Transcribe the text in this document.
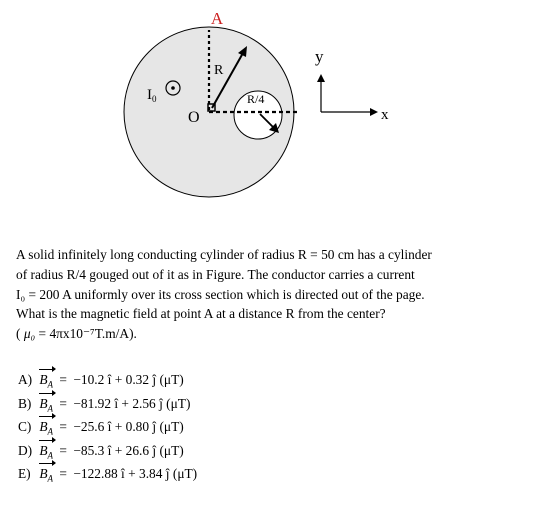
A
R
R/4
$I_0$
O
y
x

A solid infinitely long conducting cylinder of radius R = 50 cm has a cylinder

of radius R/4 gouged out of it as in Figure. The conductor carries a current

I₀ = 200 A uniformly over its cross section which is directed out of the page.

What is the magnetic field at point A at a distance R from the center?

( μ₀ = 4πx10⁻⁷T.m/A).

A) $B_A = -10.2$ î + 0.32 ĵ (μT)
B) $B_A = -81.92$ î + 2.56 ĵ (μT)
C) $B_A = -25.6$ î + 0.80 ĵ (μT)
D) $B_A = -85.3$ î + 26.6 ĵ (μT)
E) $B_A = -122.88$ î + 3.84 ĵ (μT)
